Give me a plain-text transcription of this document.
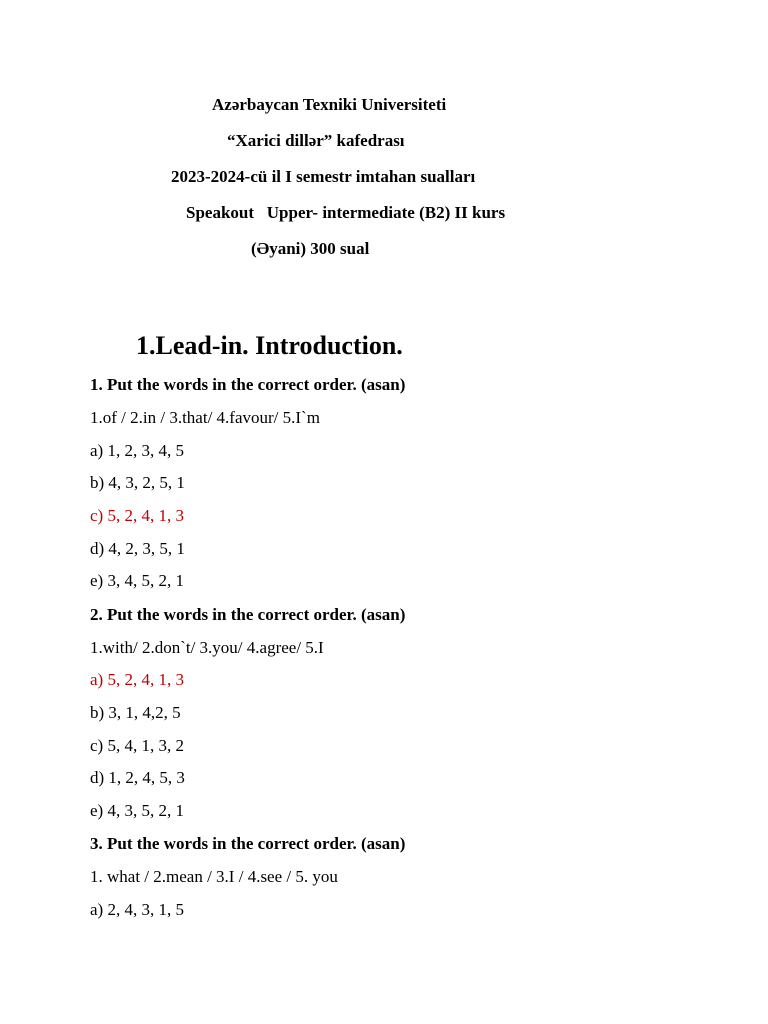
Azərbaycan Texniki Universiteti
“Xarici dillər” kafedrası
2023-2024-cü il I semestr imtahan sualları
Speakout   Upper- intermediate (B2) II kurs
(Əyani) 300 sual
1.Lead-in. Introduction.
1. Put the words in the correct order. (asan)
1.of / 2.in / 3.that/ 4.favour/ 5.I`m
a) 1, 2, 3, 4, 5
b) 4, 3, 2, 5, 1
c) 5, 2, 4, 1, 3
d) 4, 2, 3, 5, 1
e) 3, 4, 5, 2, 1
2. Put the words in the correct order. (asan)
1.with/ 2.don`t/ 3.you/ 4.agree/ 5.I
a) 5, 2, 4, 1, 3
b) 3, 1, 4,2, 5
c) 5, 4, 1, 3, 2
d) 1, 2, 4, 5, 3
e) 4, 3, 5, 2, 1
3. Put the words in the correct order. (asan)
1. what / 2.mean / 3.I / 4.see / 5. you
a) 2, 4, 3, 1, 5
